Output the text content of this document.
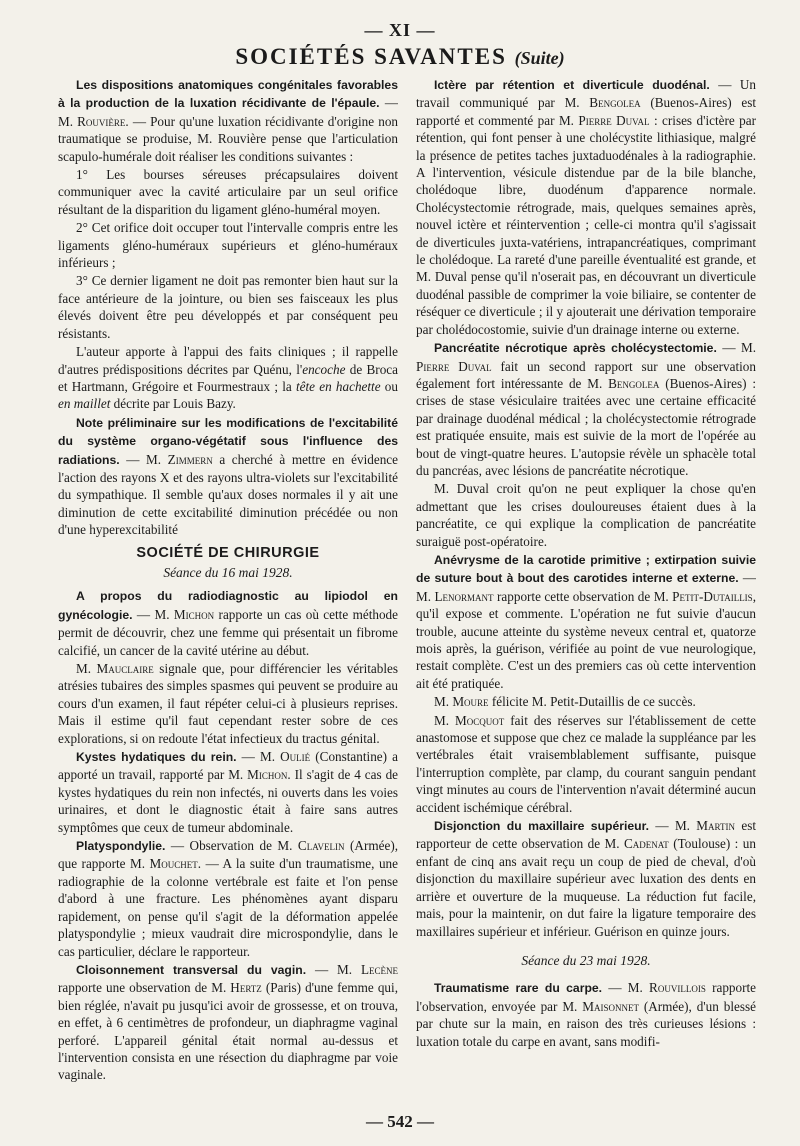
— XI —
SOCIÉTÉS SAVANTES (Suite)

Les dispositions anatomiques congénitales favorables à la production de la luxation récidivante de l'épaule. — M. Rouvière. — Pour qu'une luxation récidivante d'origine non traumatique se produise, M. Rouvière pense que l'articulation scapulo-humérale doit réaliser les conditions suivantes :

1° Les bourses séreuses précapsulaires doivent communiquer avec la cavité articulaire par un seul orifice résultant de la disparition du ligament gléno-huméral moyen.

2° Cet orifice doit occuper tout l'intervalle compris entre les ligaments gléno-huméraux supérieurs et gléno-huméraux inférieurs ;

3° Ce dernier ligament ne doit pas remonter bien haut sur la face antérieure de la jointure, ou bien ses faisceaux les plus élevés doivent être peu développés et par conséquent peu résistants.

L'auteur apporte à l'appui des faits cliniques ; il rappelle d'autres prédispositions décrites par Quénu, l'encoche de Broca et Hartmann, Grégoire et Fourmestraux ; la tête en hachette ou en maillet décrite par Louis Bazy.

Note préliminaire sur les modifications de l'excitabilité du système organo-végétatif sous l'influence des radiations. — M. Zimmern a cherché à mettre en évidence l'action des rayons X et des rayons ultra-violets sur l'excitabilité du sympathique. Il semble qu'aux doses normales il y ait une diminution de cette excitabilité diminution précédée ou non d'une hyperexcitabilité

SOCIÉTÉ DE CHIRURGIE
Séance du 16 mai 1928.

A propos du radiodiagnostic au lipiodol en gynécologie. — M. Michon rapporte un cas où cette méthode permit de découvrir, chez une femme qui présentait un fibrome calcifié, un cancer de la cavité utérine au début.

M. Mauclaire signale que, pour différencier les véritables atrésies tubaires des simples spasmes qui peuvent se produire au cours d'un examen, il faut répéter celui-ci à plusieurs reprises. Mais il estime qu'il faut cependant rester sobre de ces explorations, si on redoute l'état infectieux du tractus génital.

Kystes hydatiques du rein. — M. Oulié (Constantine) a apporté un travail, rapporté par M. Michon. Il s'agit de 4 cas de kystes hydatiques du rein non infectés, ni ouverts dans les voies urinaires, et dont le diagnostic était à faire sans autres symptômes que ceux de tumeur abdominale.

Platyspondylie. — Observation de M. Clavelin (Armée), que rapporte M. Mouchet. — A la suite d'un traumatisme, une radiographie de la colonne vertébrale est faite et l'on pense d'abord à une fracture. Les phénomènes ayant disparu rapidement, on pense qu'il s'agit de la déformation appelée platyspondylie ; mieux vaudrait dire microspondylie, dans le cas particulier, déclare le rapporteur.

Cloisonnement transversal du vagin. — M. Lecène rapporte une observation de M. Hertz (Paris) d'une femme qui, bien réglée, n'avait pu jusqu'ici avoir de grossesse, et on trouva, en effet, à 6 centimètres de profondeur, un diaphragme vaginal perforé. L'appareil génital était normal au-dessus et l'intervention consista en une résection du diaphragme par voie vaginale.

Ictère par rétention et diverticule duodénal. — Un travail communiqué par M. Bengolea (Buenos-Aires) est rapporté et commenté par M. Pierre Duval : crises d'ictère par rétention, qui font penser à une cholécystite lithiasique, malgré la présence de petites taches juxtaduodénales à la radiographie. A l'intervention, vésicule distendue par de la bile blanche, cholédoque libre, duodénum d'apparence normale. Cholécystectomie rétrograde, mais, quelques semaines après, nouvel ictère et réintervention ; celle-ci montra qu'il s'agissait de diverticules juxta-vatériens, intrapancréatiques, comprimant le cholédoque. La rareté d'une pareille éventualité est grande, et M. Duval pense qu'il n'oserait pas, en découvrant un diverticule duodénal passible de comprimer la voie biliaire, se contenter de réséquer ce diverticule ; il y ajouterait une dérivation temporaire par cholédocostomie, suivie d'un drainage interne ou externe.

Pancréatite nécrotique après cholécystectomie. — M. Pierre Duval fait un second rapport sur une observation également fort intéressante de M. Bengolea (Buenos-Aires) : crises de stase vésiculaire traitées avec une certaine efficacité par drainage duodénal médical ; la cholécystectomie rétrograde est pratiquée ensuite, mais est suivie de la mort de l'opérée au bout de vingt-quatre heures. L'autopsie révèle un sphacèle total du pancréas, avec lésions de pancréatite nécrotique.

M. Duval croit qu'on ne peut expliquer la chose qu'en admettant que les crises douloureuses étaient dues à la pancréatite, ce qui explique la complication de pancréatite suraiguë post-opératoire.

Anévrysme de la carotide primitive ; extirpation suivie de suture bout à bout des carotides interne et externe. — M. Lenormant rapporte cette observation de M. Petit-Dutaillis, qu'il expose et commente. L'opération ne fut suivie d'aucun trouble, aucune atteinte du système neveux central et, quatorze mois après, la guérison, vérifiée au point de vue neurologique, restait complète. C'est un des premiers cas où cette intervention ait été pratiquée.

M. Moure félicite M. Petit-Dutaillis de ce succès.

M. Mocquot fait des réserves sur l'établissement de cette anastomose et suppose que chez ce malade la suppléance par les vertébrales était vraisemblablement suffisante, puisque l'interruption complète, par clamp, du courant sanguin pendant vingt minutes au cours de l'intervention n'avait déterminé aucun accident ischémique cérébral.

Disjonction du maxillaire supérieur. — M. Martin est rapporteur de cette observation de M. Cadenat (Toulouse) : un enfant de cinq ans avait reçu un coup de pied de cheval, d'où disjonction du maxillaire supérieur avec luxation des dents en arrière et ouverture de la muqueuse. La réduction fut facile, mais, pour la maintenir, on dut faire la ligature temporaire des maxillaires supérieur et inférieur. Guérison en quinze jours.

Séance du 23 mai 1928.

Traumatisme rare du carpe. — M. Rouvillois rapporte l'observation, envoyée par M. Maisonnet (Armée), d'un blessé par chute sur la main, en raison des très curieuses lésions : luxation totale du carpe en avant, sans modifi-

— 542 —
